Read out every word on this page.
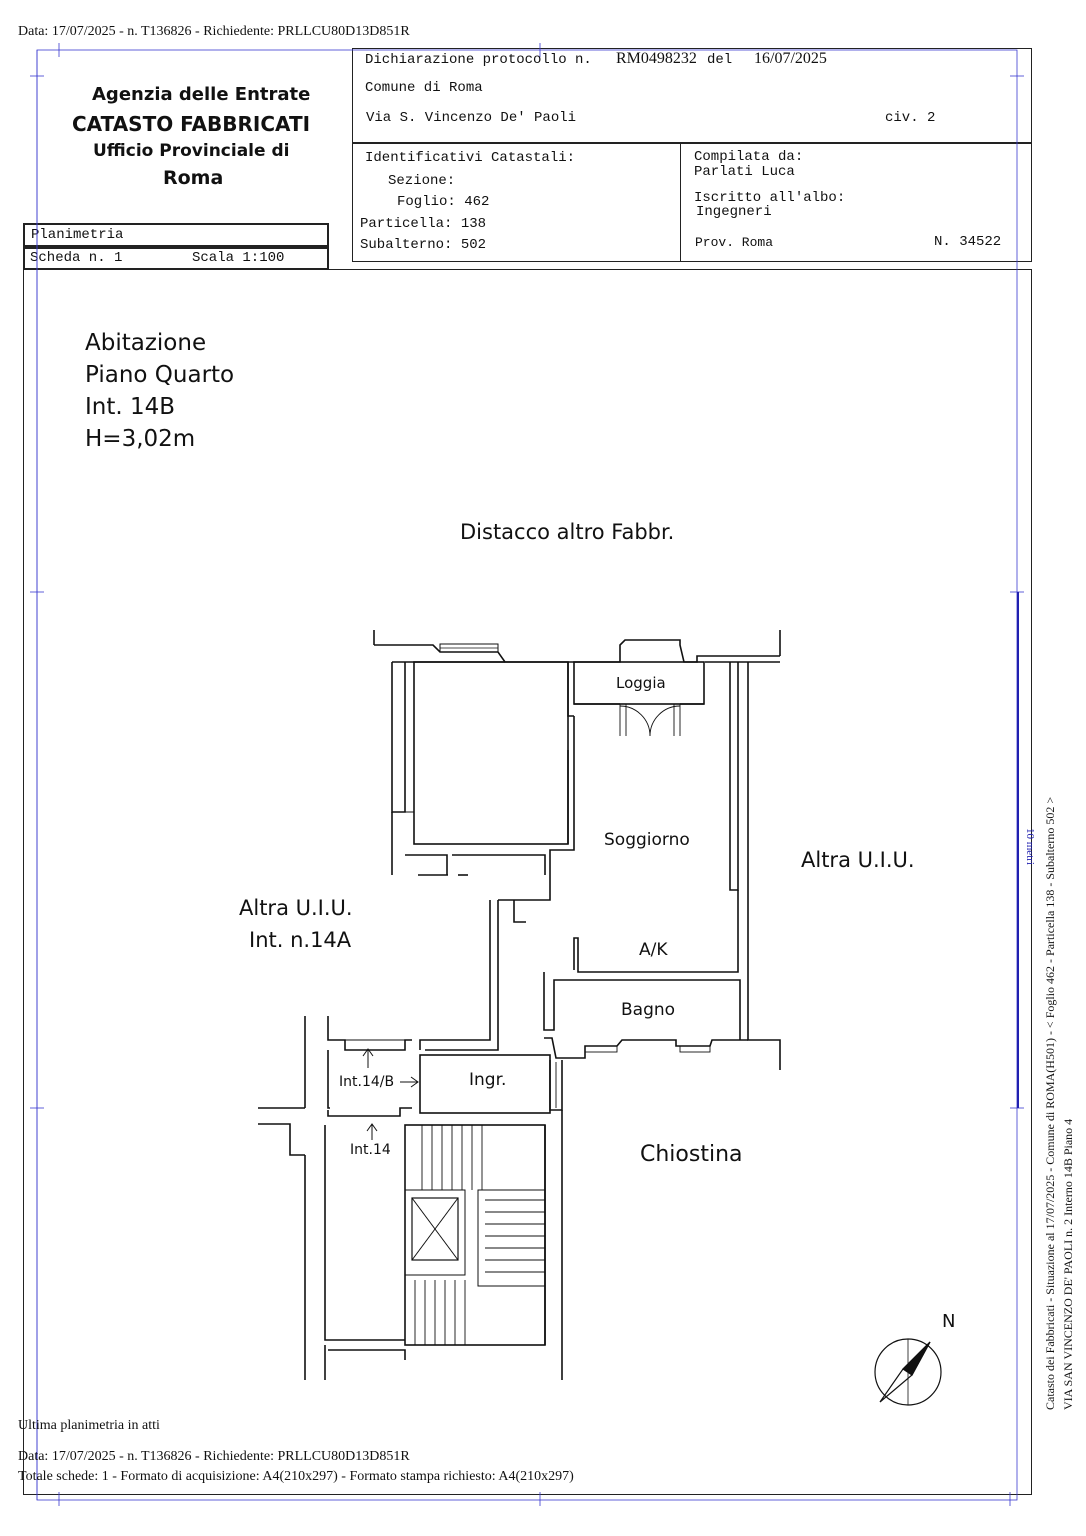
Data: 17/07/2025 - n. T136826 - Richiedente: PRLLCU80D13D851R
Agenzia delle Entrate
CATASTO FABBRICATI
Ufficio Provinciale di
Roma
Planimetria
Scheda n. 1	Scala 1:100
Dichiarazione protocollo n. RM0498232 del 16/07/2025
Comune di Roma
Via S. Vincenzo De' Paoli	civ. 2
Identificativi Catastali:
Sezione:
Foglio: 462
Particella: 138
Subalterno: 502
Compilata da:
Parlati Luca
Iscritto all'albo:
Ingegneri
Prov. Roma	N. 34522
Abitazione
Piano Quarto
Int. 14B
H=3,02m
Distacco altro Fabbr.
Loggia
Soggiorno
Altra U.I.U.
Altra U.I.U.
Int. n.14A	A/K
Bagno
Int.14/B	Ingr.
Int.14	Chiostina
N	Catasto dei Fabbricati - Situazione al 17/07/2025 - Comune di ROMA(H501) - < Foglio 462 - Particella 138 - Subalterno 502 > VIA SAN VINCENZO DE' PAOLI n. 2 Interno 14B Piano 4
10 metri
Ultima planimetria in atti
Data: 17/07/2025 - n. T136826 - Richiedente: PRLLCU80D13D851R
Totale schede: 1 - Formato di acquisizione: A4(210x297) - Formato stampa richiesto: A4(210x297)
